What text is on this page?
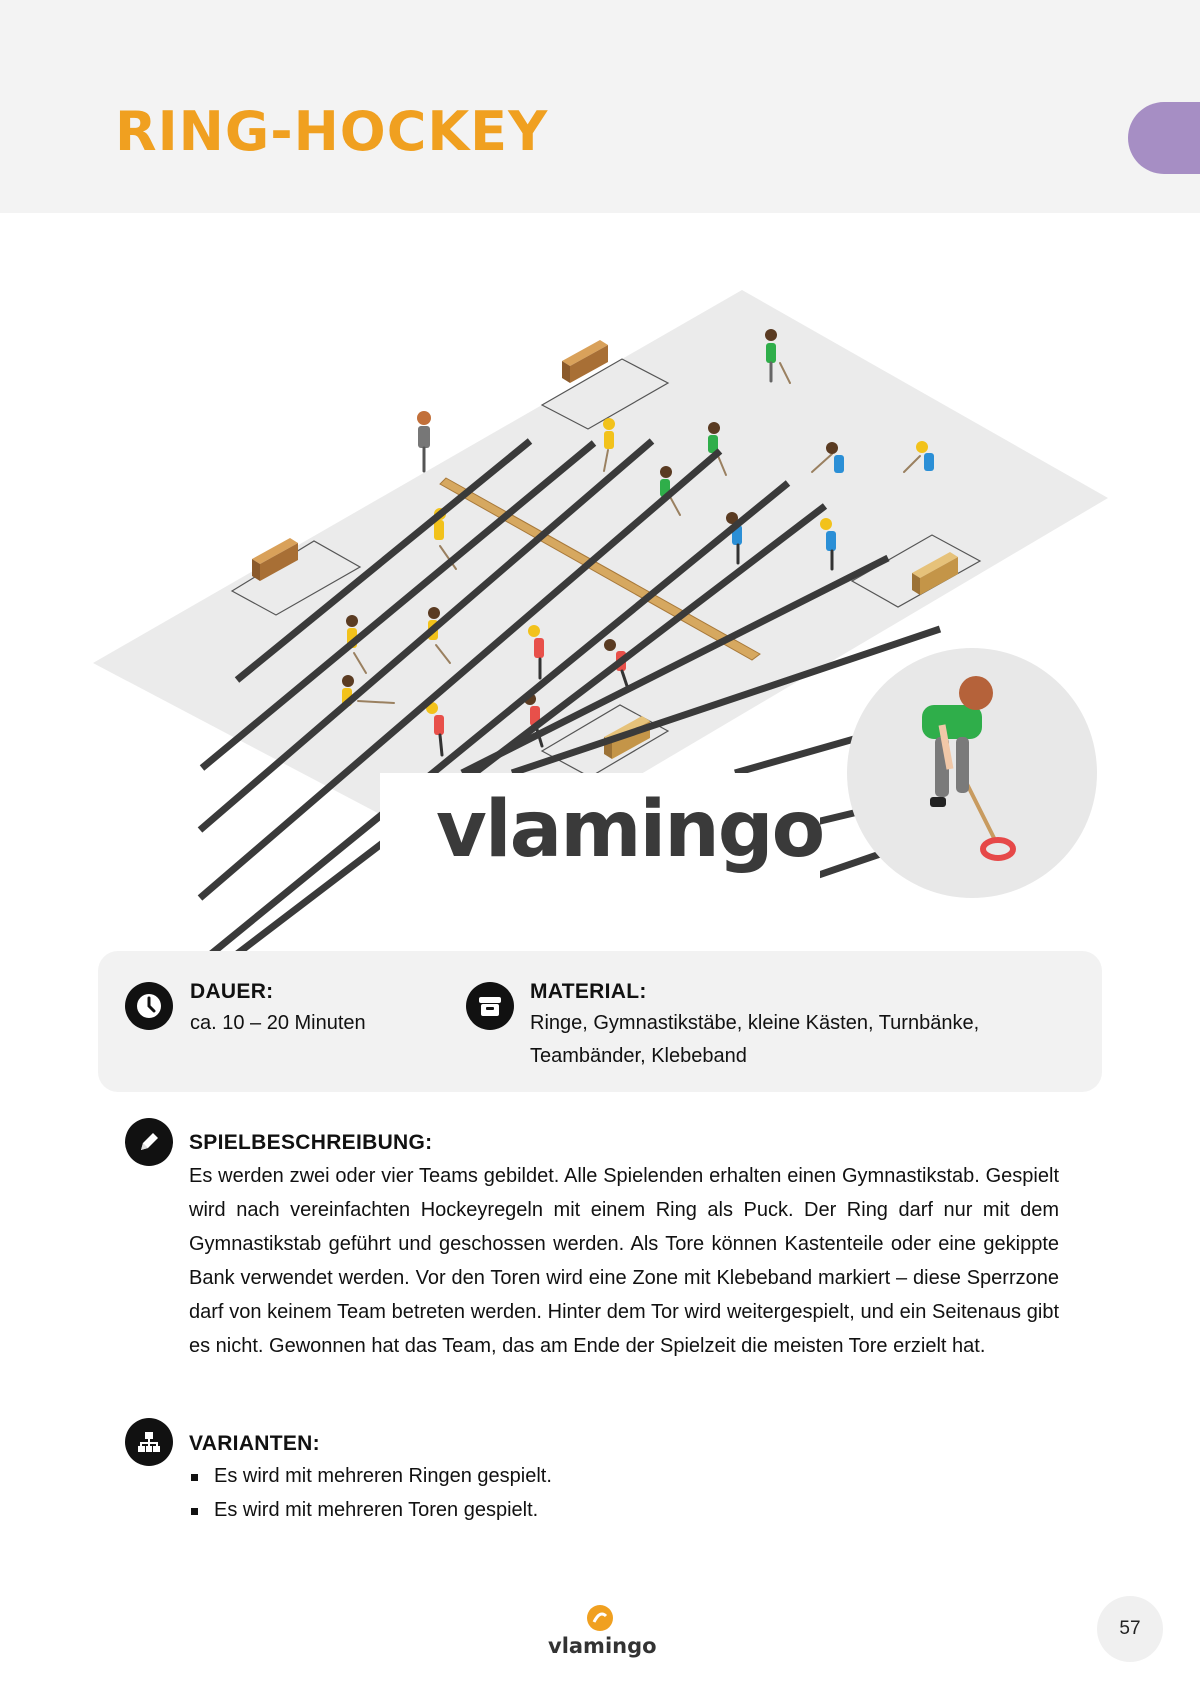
RING-HOCKEY
vlamingo

DAUER:

ca. 10 – 20 Minuten

MATERIAL:

Ringe, Gymnastikstäbe, kleine Kästen, Turnbänke, Teambänder, Klebeband

SPIELBESCHREIBUNG:

Es werden zwei oder vier Teams gebildet. Alle Spielenden erhalten einen Gymnastikstab. Gespielt wird nach vereinfachten Hockeyregeln mit einem Ring als Puck. Der Ring darf nur mit dem Gymnastikstab geführt und geschossen werden. Als Tore können Kastenteile oder eine gekippte Bank verwendet werden. Vor den Toren wird eine Zone mit Klebeband markiert – diese Sperrzone darf von keinem Team betreten werden. Hinter dem Tor wird weitergespielt, und ein Seitenaus gibt es nicht. Gewonnen hat das Team, das am Ende der Spielzeit die meisten Tore erzielt hat.

VARIANTEN:

Es wird mit mehreren Ringen gespielt.
Es wird mit mehreren Toren gespielt.
vlamingo
57
